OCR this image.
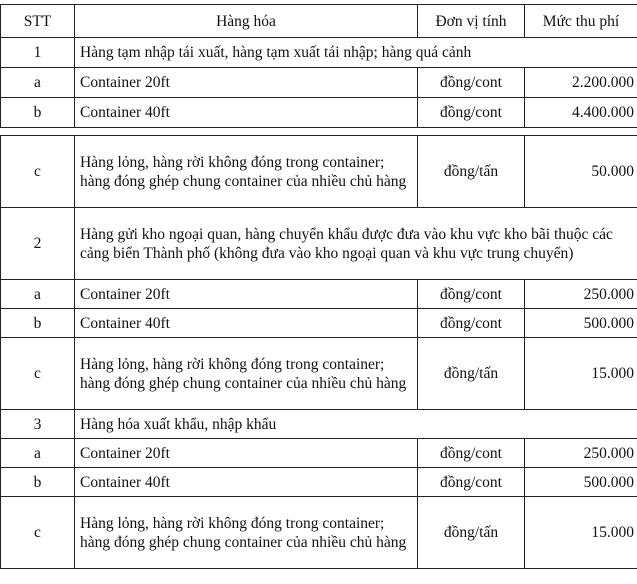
STT	Hàng hóa	Đơn vị tính	Mức thu phí
1	Hàng tạm nhập tái xuất, hàng tạm xuất tái nhập; hàng quá cảnh		
a	Container 20ft	đồng/cont	2.200.000
b	Container 40ft	đồng/cont	4.400.000
c	Hàng lỏng, hàng rời không đóng trong container; hàng đóng ghép chung container của nhiều chủ hàng	đồng/tấn	50.000
2	Hàng gửi kho ngoại quan, hàng chuyển khẩu được đưa vào khu vực kho bãi thuộc các cảng biển Thành phố (không đưa vào kho ngoại quan và khu vực trung chuyển)		
a	Container 20ft	đồng/cont	250.000
b	Container 40ft	đồng/cont	500.000
c	Hàng lỏng, hàng rời không đóng trong container; hàng đóng ghép chung container của nhiều chủ hàng	đồng/tấn	15.000
3	Hàng hóa xuất khẩu, nhập khẩu		
a	Container 20ft	đồng/cont	250.000
b	Container 40ft	đồng/cont	500.000
c	Hàng lỏng, hàng rời không đóng trong container; hàng đóng ghép chung container của nhiều chủ hàng	đồng/tấn	15.000
